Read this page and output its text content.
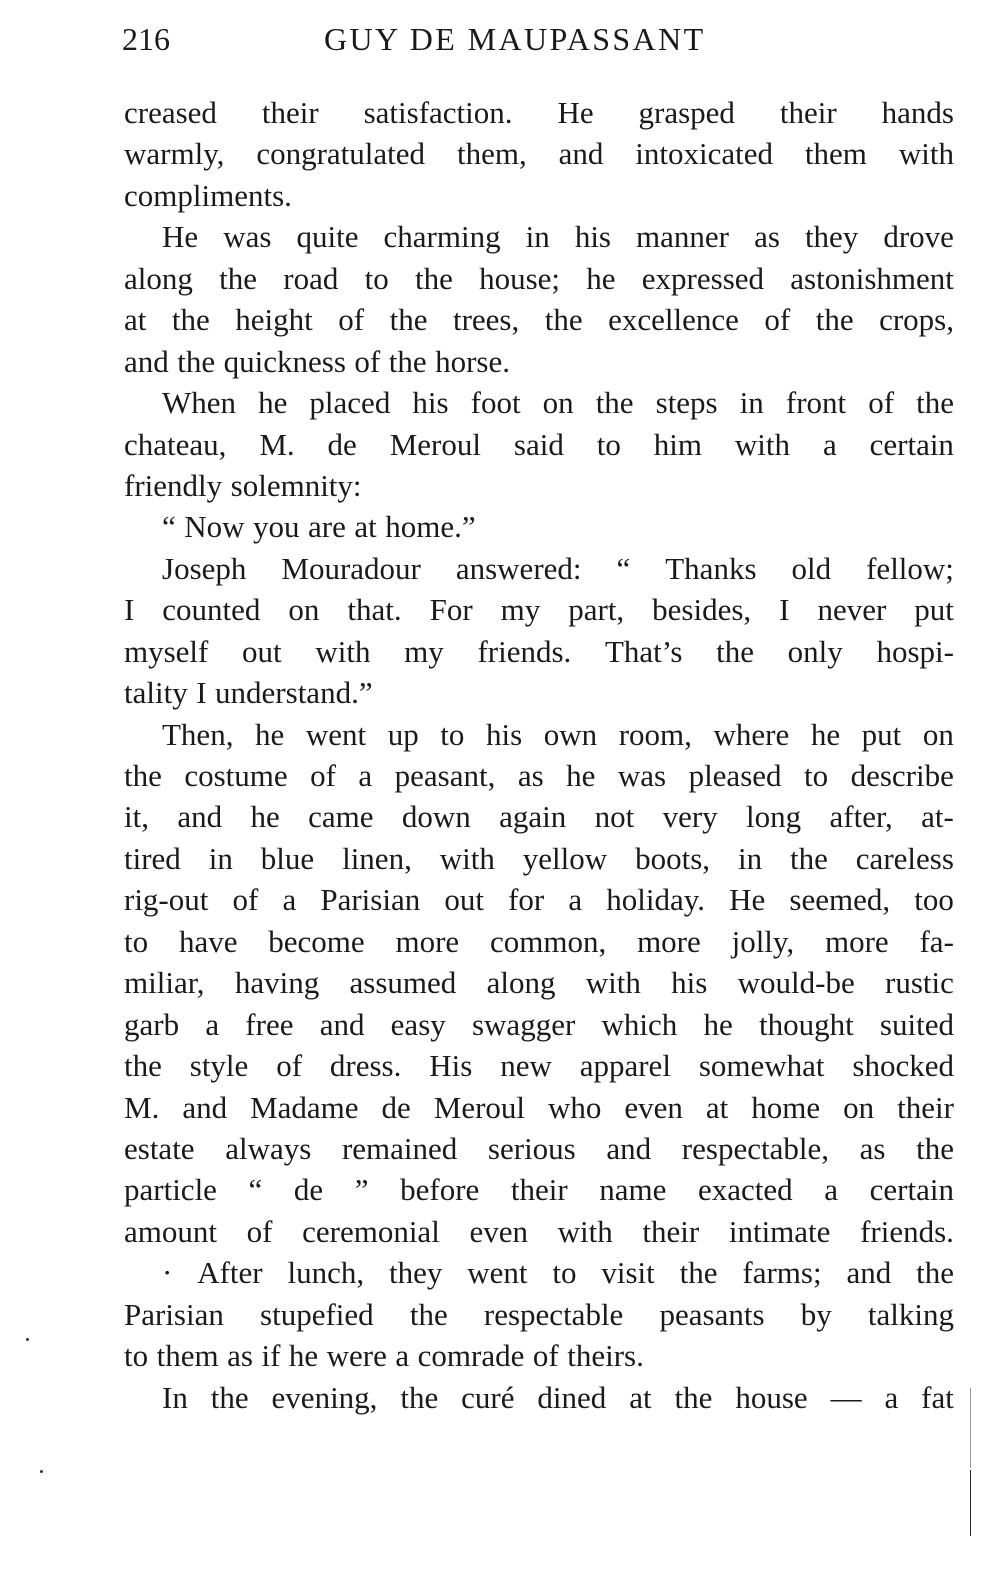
216	GUY DE MAUPASSANT
creased their satisfaction. He grasped their hands
warmly, congratulated them, and intoxicated them with
compliments.
He was quite charming in his manner as they drove
along the road to the house; he expressed astonishment
at the height of the trees, the excellence of the crops,
and the quickness of the horse.
When he placed his foot on the steps in front of the
chateau, M. de Meroul said to him with a certain
friendly solemnity:
“ Now you are at home.”
Joseph Mouradour answered: “ Thanks old fellow;
I counted on that. For my part, besides, I never put
myself out with my friends. That’s the only hospi-
tality I understand.”
Then, he went up to his own room, where he put on
the costume of a peasant, as he was pleased to describe
it, and he came down again not very long after, at-
tired in blue linen, with yellow boots, in the careless
rig-out of a Parisian out for a holiday. He seemed, too
to have become more common, more jolly, more fa-
miliar, having assumed along with his would-be rustic
garb a free and easy swagger which he thought suited
the style of dress. His new apparel somewhat shocked
M. and Madame de Meroul who even at home on their
estate always remained serious and respectable, as the
particle “ de ” before their name exacted a certain
amount of ceremonial even with their intimate friends.
· After lunch, they went to visit the farms; and the
Parisian stupefied the respectable peasants by talking
to them as if he were a comrade of theirs.
In the evening, the curé dined at the house — a fat
